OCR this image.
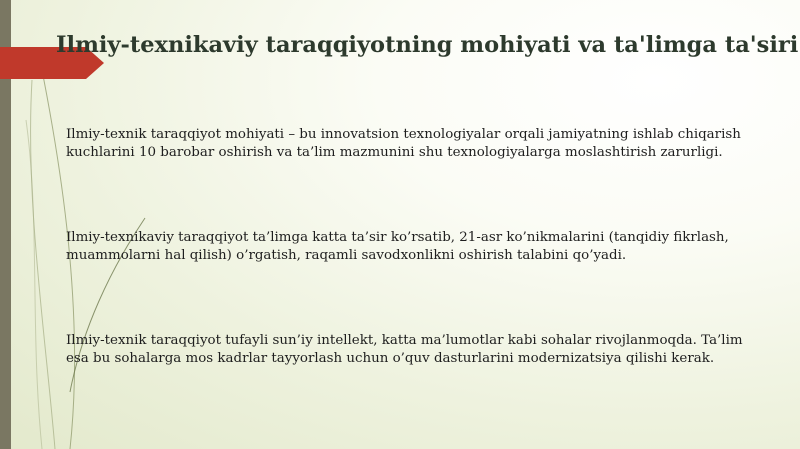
Ilmiy-texnikaviy taraqqiyotning mohiyati va ta'limga ta'siri

Ilmiy-texnik taraqqiyot mohiyati – bu innovatsion texnologiyalar orqali jamiyatning ishlab chiqarish kuchlarini 10 barobar oshirish va ta’lim mazmunini shu texnologiyalarga moslashtirish zarurligi.

Ilmiy-texnikaviy taraqqiyot ta’limga katta ta’sir ko’rsatib, 21-asr ko’nikmalarini (tanqidiy fikrlash, muammolarni hal qilish) o’rgatish, raqamli savodxonlikni oshirish talabini qo’yadi.

Ilmiy-texnik taraqqiyot tufayli sun’iy intellekt, katta ma’lumotlar kabi sohalar rivojlanmoqda. Ta’lim esa bu sohalarga mos kadrlar tayyorlash uchun o’quv dasturlarini modernizatsiya qilishi kerak.
